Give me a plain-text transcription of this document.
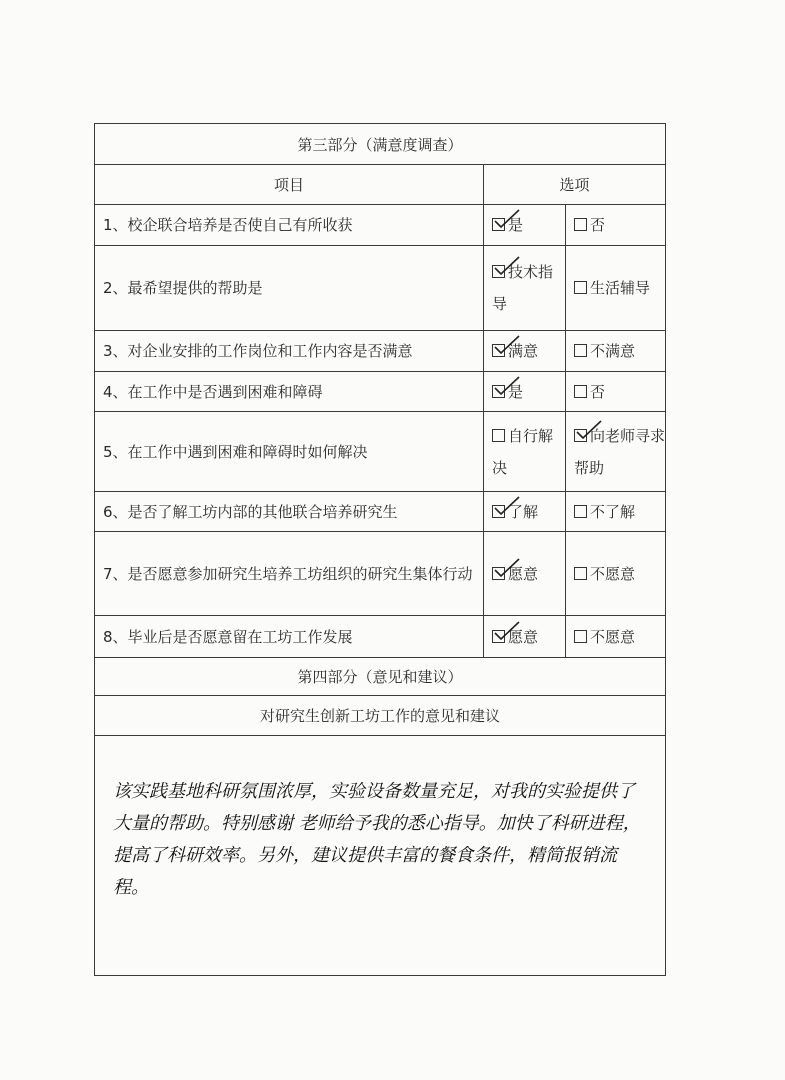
第三部分（满意度调查）		
项目	选项	
1、校企联合培养是否使自己有所收获	是	否
2、最希望提供的帮助是	技术指导	生活辅导
3、对企业安排的工作岗位和工作内容是否满意	满意	不满意
4、在工作中是否遇到困难和障碍	是	否
5、在工作中遇到困难和障碍时如何解决	自行解决	向老师寻求帮助
6、是否了解工坊内部的其他联合培养研究生	了解	不了解
7、是否愿意参加研究生培养工坊组织的研究生集体行动	愿意	不愿意
8、毕业后是否愿意留在工坊工作发展	愿意	不愿意
第四部分（意见和建议）		
对研究生创新工坊工作的意见和建议		
该实践基地科研氛围浓厚，实验设备数量充足，对我的实验提供了大量的帮助。特别感谢 老师给予我的悉心指导。加快了科研进程，提高了科研效率。另外，建议提供丰富的餐食条件，精简报销流程。		
